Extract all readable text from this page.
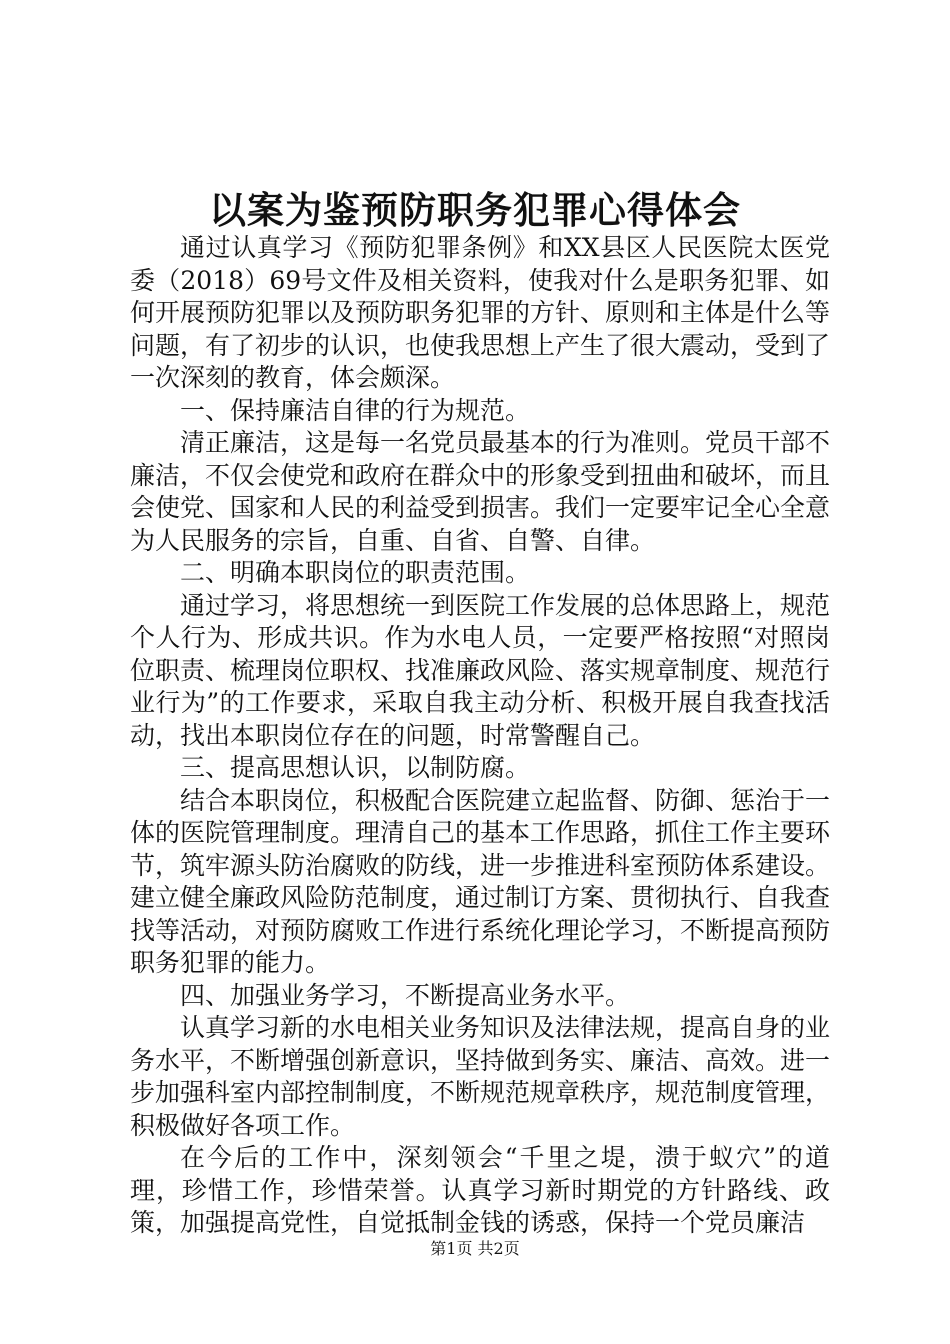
以案为鉴预防职务犯罪心得体会

通过认真学习《预防犯罪条例》和XX县区人民医院太医党委（2018）69号文件及相关资料，使我对什么是职务犯罪、如何开展预防犯罪以及预防职务犯罪的方针、原则和主体是什么等问题，有了初步的认识，也使我思想上产生了很大震动，受到了一次深刻的教育，体会颇深。

一、保持廉洁自律的行为规范。

清正廉洁，这是每一名党员最基本的行为准则。党员干部不廉洁，不仅会使党和政府在群众中的形象受到扭曲和破坏，而且会使党、国家和人民的利益受到损害。我们一定要牢记全心全意为人民服务的宗旨，自重、自省、自警、自律。

二、明确本职岗位的职责范围。

通过学习，将思想统一到医院工作发展的总体思路上，规范个人行为、形成共识。作为水电人员，一定要严格按照“对照岗位职责、梳理岗位职权、找准廉政风险、落实规章制度、规范行业行为”的工作要求，采取自我主动分析、积极开展自我查找活动，找出本职岗位存在的问题，时常警醒自己。

三、提高思想认识，以制防腐。

结合本职岗位，积极配合医院建立起监督、防御、惩治于一体的医院管理制度。理清自己的基本工作思路，抓住工作主要环节，筑牢源头防治腐败的防线，进一步推进科室预防体系建设。建立健全廉政风险防范制度，通过制订方案、贯彻执行、自我查找等活动，对预防腐败工作进行系统化理论学习，不断提高预防职务犯罪的能力。

四、加强业务学习，不断提高业务水平。

认真学习新的水电相关业务知识及法律法规，提高自身的业务水平，不断增强创新意识，坚持做到务实、廉洁、高效。进一步加强科室内部控制制度，不断规范规章秩序，规范制度管理，积极做好各项工作。

在今后的工作中，深刻领会“千里之堤，溃于蚁穴”的道理，珍惜工作，珍惜荣誉。认真学习新时期党的方针路线、政策，加强提高党性，自觉抵制金钱的诱惑，保持一个党员廉洁

第1页 共2页
